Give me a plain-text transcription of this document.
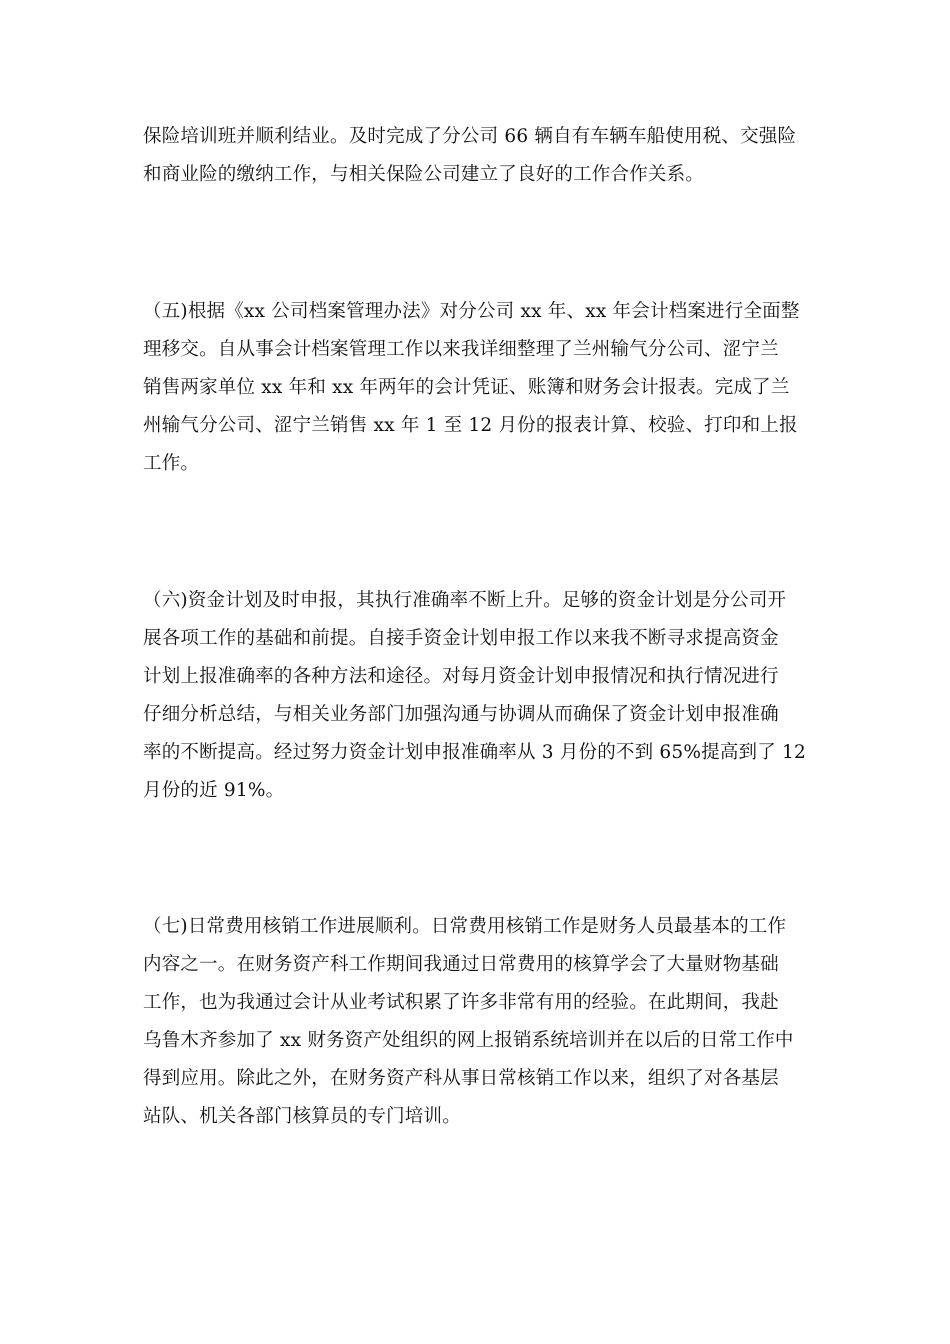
保险培训班并顺利结业。及时完成了分公司 66 辆自有车辆车船使用税、交强险
和商业险的缴纳工作，与相关保险公司建立了良好的工作合作关系。

（五)根据《xx 公司档案管理办法》对分公司 xx 年、xx 年会计档案进行全面整
理移交。自从事会计档案管理工作以来我详细整理了兰州输气分公司、涩宁兰
销售两家单位 xx 年和 xx 年两年的会计凭证、账簿和财务会计报表。完成了兰
州输气分公司、涩宁兰销售 xx 年 1 至 12 月份的报表计算、校验、打印和上报
工作。

（六)资金计划及时申报，其执行准确率不断上升。足够的资金计划是分公司开
展各项工作的基础和前提。自接手资金计划申报工作以来我不断寻求提高资金
计划上报准确率的各种方法和途径。对每月资金计划申报情况和执行情况进行
仔细分析总结，与相关业务部门加强沟通与协调从而确保了资金计划申报准确
率的不断提高。经过努力资金计划申报准确率从 3 月份的不到 65%提高到了 12
月份的近 91%。

（七)日常费用核销工作进展顺利。日常费用核销工作是财务人员最基本的工作
内容之一。在财务资产科工作期间我通过日常费用的核算学会了大量财物基础
工作，也为我通过会计从业考试积累了许多非常有用的经验。在此期间，我赴
乌鲁木齐参加了 xx 财务资产处组织的网上报销系统培训并在以后的日常工作中
得到应用。除此之外，在财务资产科从事日常核销工作以来，组织了对各基层
站队、机关各部门核算员的专门培训。
